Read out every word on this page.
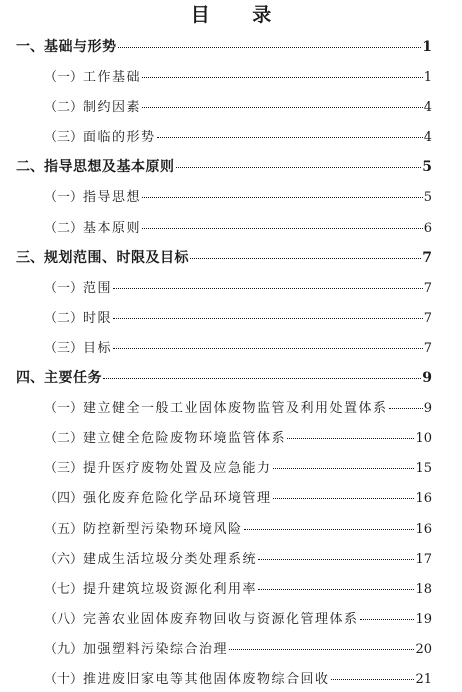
目 录
一、 基础与形势	1
（一） 工作基础	1
（二） 制约因素	4
（三） 面临的形势	4
二、 指导思想及基本原则	5
（一） 指导思想	5
（二） 基本原则	6
三、 规划范围、时限及目标	7
（一） 范围	7
（二） 时限	7
（三） 目标	7
四、 主要任务	9
（一） 建立健全一般工业固体废物监管及利用处置体系	9
（二） 建立健全危险废物环境监管体系	10
（三） 提升医疗废物处置及应急能力	15
（四） 强化废弃危险化学品环境管理	16
（五） 防控新型污染物环境风险	16
（六） 建成生活垃圾分类处理系统	17
（七） 提升建筑垃圾资源化利用率	18
（八） 完善农业固体废弃物回收与资源化管理体系	19
（九） 加强塑料污染综合治理	20
（十） 推进废旧家电等其他固体废物综合回收	21
